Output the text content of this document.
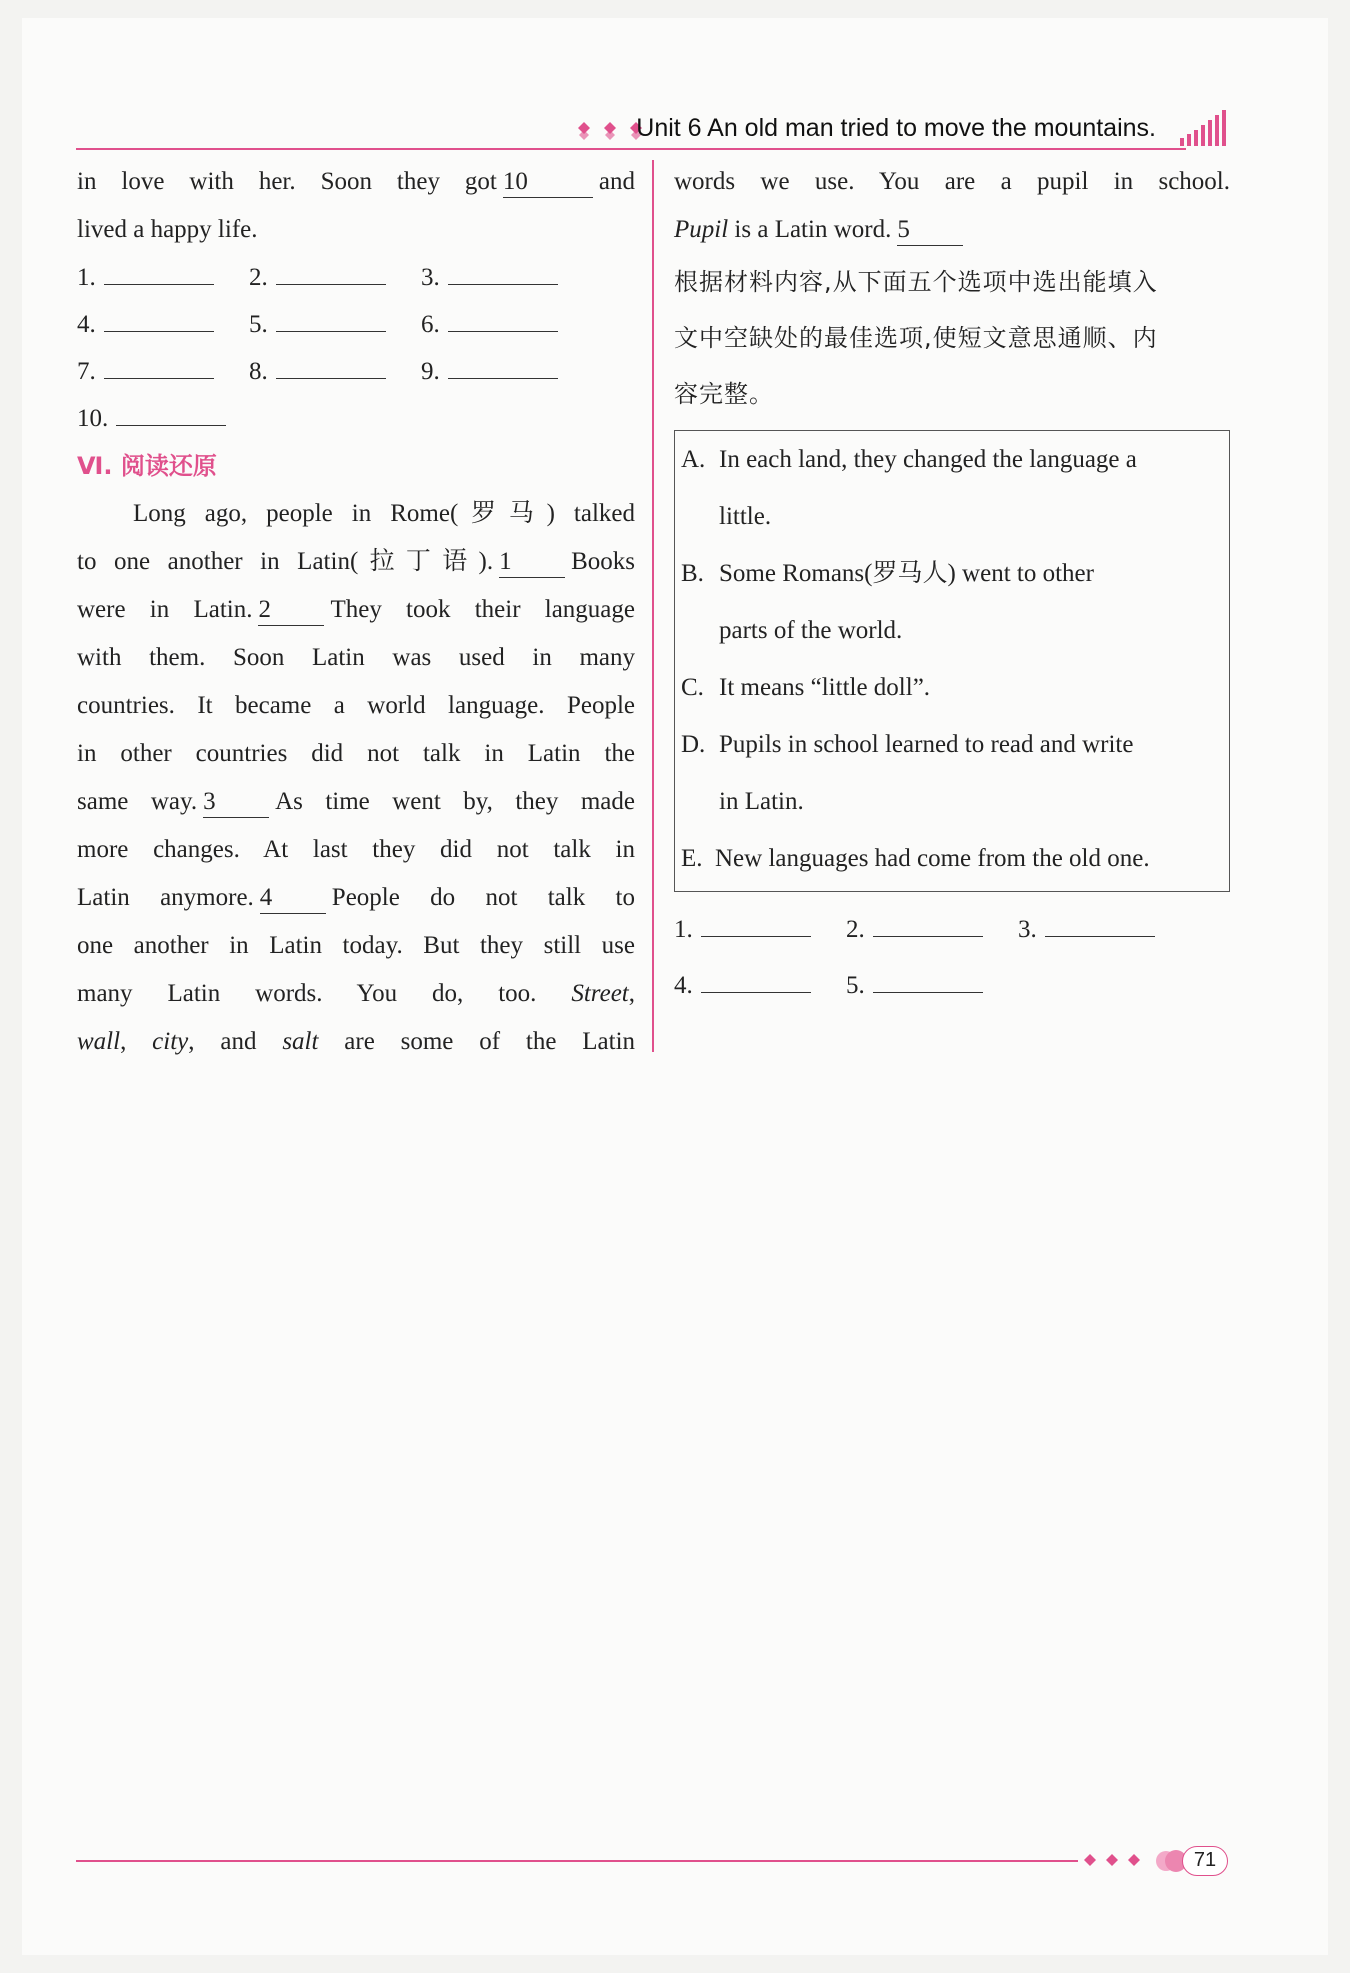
Unit 6 An old man tried to move the mountains.
in love with her. Soon they got 10	and
lived a happy life.
1.	2.	3.
4.	5.	6.
7.	8.	9.
10.
Ⅵ. 阅读还原
Long ago, people in Rome(罗马) talked
to one another in Latin(拉丁语). 1 Books
were in Latin. 2 They took their language
with them. Soon Latin was used in many
countries. It became a world language. People
in other countries did not talk in Latin the
same way. 3 As time went by, they made
more changes. At last they did not talk in
Latin anymore. 4 People do not talk to
one another in Latin today. But they still use
many Latin words. You do, too. Street,
wall, city, and salt are some of the Latin
words we use. You are a pupil in school.
Pupil is a Latin word. 5
根据材料内容,从下面五个选项中选出能填入
文中空缺处的最佳选项,使短文意思通顺、内
容完整。
A. In each land, they changed the language a
little.
B. Some Romans(罗马人) went to other
parts of the world.
C. It means “little doll”.
D. Pupils in school learned to read and write
in Latin.
E. New languages had come from the old one.
1.	2.	3.
4.	5.
71
